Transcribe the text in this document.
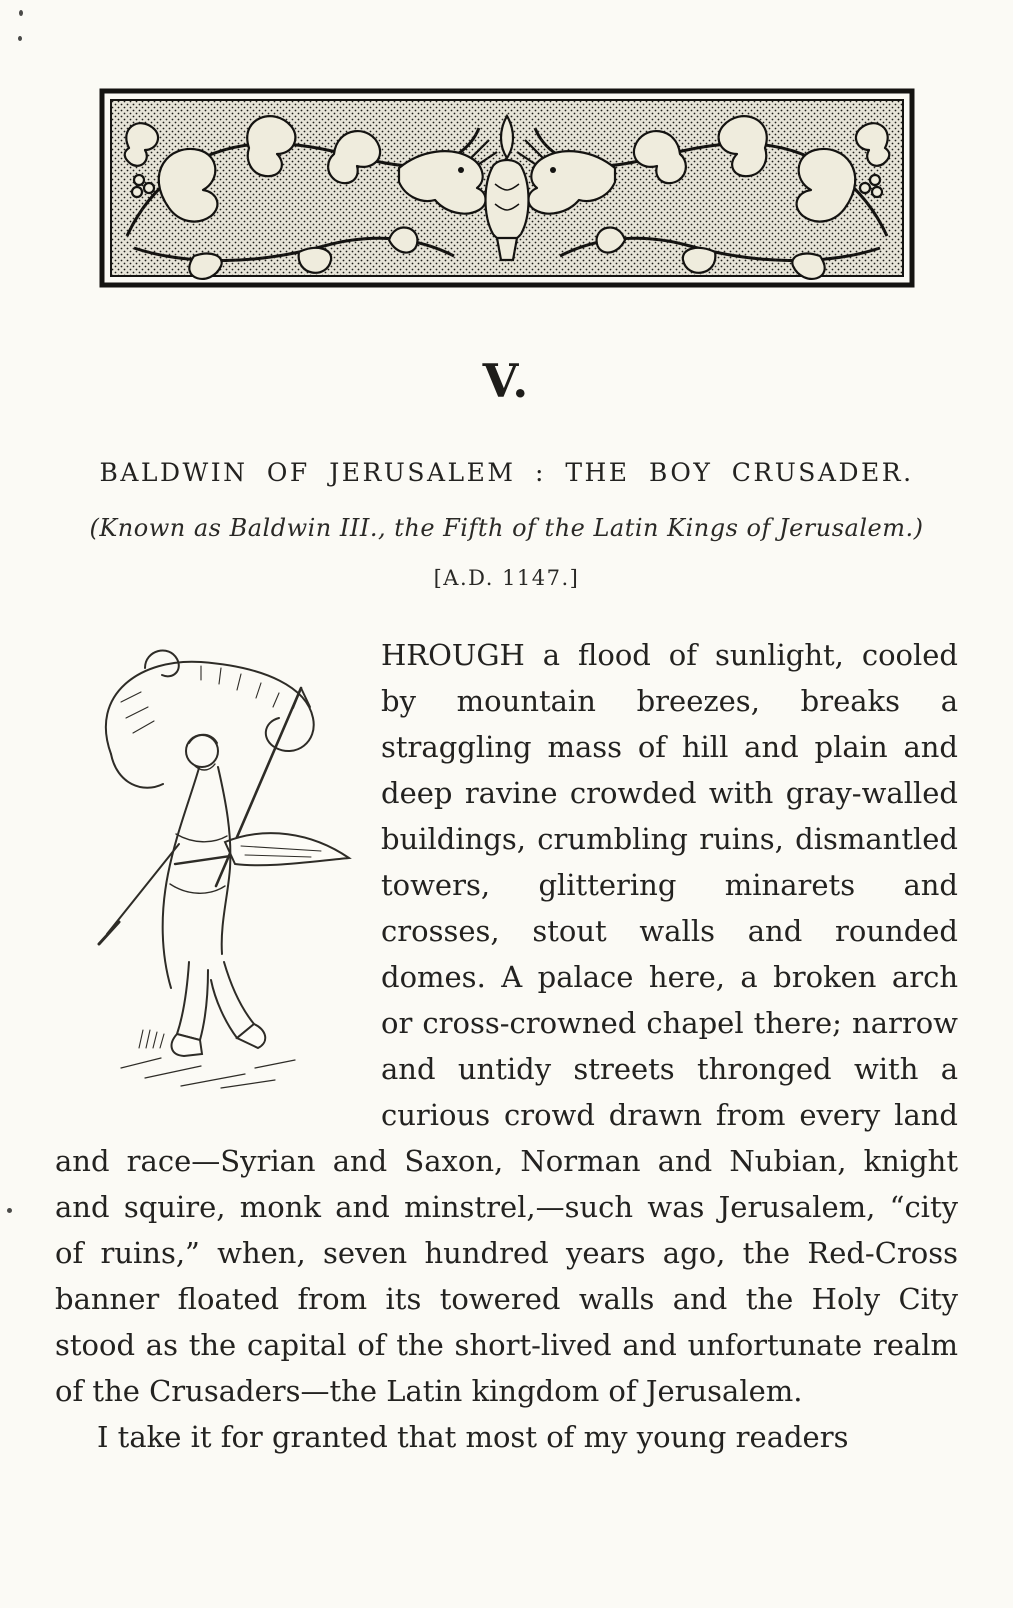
V.
BALDWIN OF JERUSALEM : THE BOY CRUSADER.
(Known as Baldwin III., the Fifth of the Latin Kings of Jerusalem.)
[A.D. 1147.]

HROUGH a flood of sunlight, cooled by mountain breezes, breaks a straggling mass of hill and plain and deep ravine crowded with gray-walled buildings, crumbling ruins, dismantled towers, glittering minarets and crosses, stout walls and rounded domes. A palace here, a broken arch or cross-crowned chapel there; narrow and untidy streets thronged with a curious crowd drawn from every land and race—Syrian and Saxon, Norman and Nubian, knight and squire, monk and minstrel,—such was Jerusalem, “city of ruins,” when, seven hundred years ago, the Red-Cross banner floated from its towered walls and the Holy City stood as the capital of the short-lived and unfortunate realm of the Crusaders—the Latin kingdom of Jerusalem.

I take it for granted that most of my young readers
